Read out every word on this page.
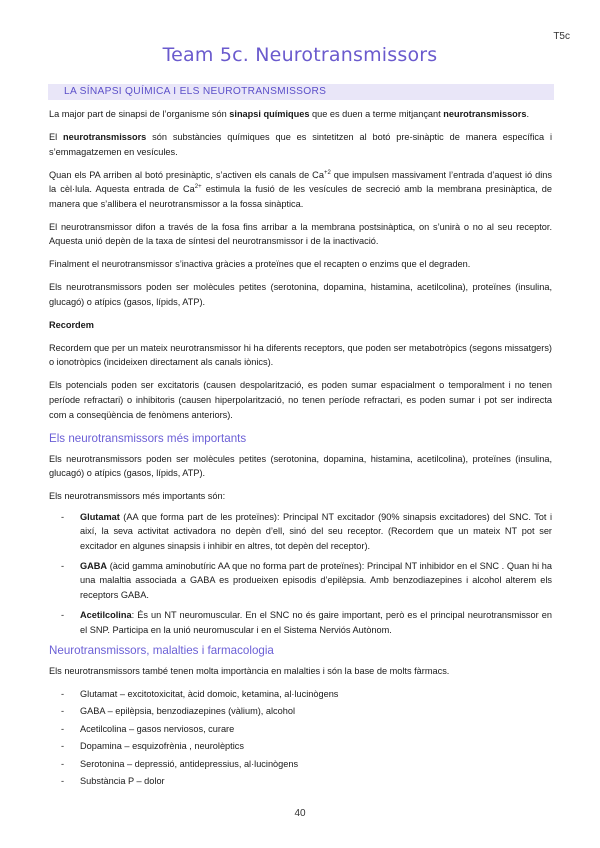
T5c
Team 5c. Neurotransmissors
LA SÍNAPSI QUÍMICA I ELS NEUROTRANSMISSORS

La major part de sinapsi de l’organisme són sinapsi químiques que es duen a terme mitjançant neurotransmissors.

El neurotransmissors són substàncies químiques que es sintetitzen al botó pre-sinàptic de manera específica i s’emmagatzemen en vesícules.

Quan els PA arriben al botó presinàptic, s’activen els canals de $Ca^{+2}$ que impulsen massivament l’entrada d’aquest ió dins la cèl·lula. Aquesta entrada de $Ca^{2+}$ estimula la fusió de les vesícules de secreció amb la membrana presinàptica, de manera que s’allibera el neurotransmissor a la fossa sinàptica.

El neurotransmissor difon a través de la fosa fins arribar a la membrana postsinàptica, on s’unirà o no al seu receptor. Aquesta unió depèn de la taxa de síntesi del neurotransmissor i de la inactivació.

Finalment el neurotransmissor s’inactiva gràcies a proteïnes que el recapten o enzims que el degraden.

Els neurotransmissors poden ser molècules petites (serotonina, dopamina, histamina, acetilcolina), proteïnes (insulina, glucagó) o atípics (gasos, lípids, ATP).

Recordem

Recordem que per un mateix neurotransmissor hi ha diferents receptors, que poden ser metabotròpics (segons missatgers) o ionotròpics (incideixen directament als canals iònics).

Els potencials poden ser excitatoris (causen despolarització, es poden sumar espacialment o temporalment i no tenen període refractari) o inhibitoris (causen hiperpolarització, no tenen període refractari, es poden sumar i pot ser indirecta com a conseqüència de fenòmens anteriors).

Els neurotransmissors més importants

Els neurotransmissors poden ser molècules petites (serotonina, dopamina, histamina, acetilcolina), proteïnes (insulina, glucagó) o atípics (gasos, lípids, ATP).

Els neurotransmissors més importants són:

- Glutamat (AA que forma part de les proteïnes): Principal NT excitador (90% sinapsis excitadores) del SNC. Tot i així, la seva activitat activadora no depèn d’ell, sinó del seu receptor. (Recordem que un mateix NT pot ser excitador en algunes sinapsis i inhibir en altres, tot depèn del receptor).
- GABA (àcid gamma aminobutíric AA que no forma part de proteïnes): Principal NT inhibidor en el SNC . Quan hi ha una malaltia associada a GABA es produeixen episodis d’epilèpsia. Amb benzodiazepines i alcohol alterem els receptors GABA.
- Acetilcolina: És un NT neuromuscular. En el SNC no és gaire important, però es el principal neurotransmissor en el SNP. Participa en la unió neuromuscular i en el Sistema Nerviós Autònom.
Neurotransmissors, malalties i farmacologia

Els neurotransmissors també tenen molta importància en malalties i són la base de molts fàrmacs.

- Glutamat – excitotoxicitat, àcid domoic, ketamina, al·lucinògens
- GABA – epilèpsia, benzodiazepines (vàlium), alcohol
- Acetilcolina – gasos nerviosos, curare
- Dopamina – esquizofrènia , neurolèptics
- Serotonina – depressió, antidepressius, al·lucinògens
- Substància P – dolor
40
